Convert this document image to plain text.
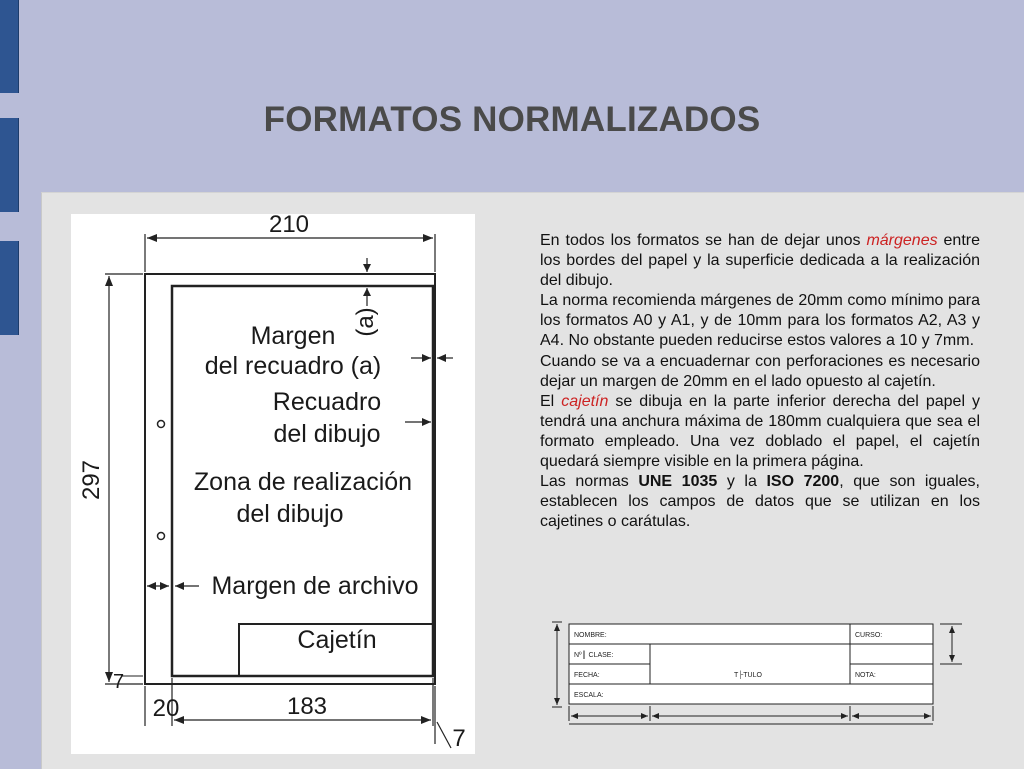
FORMATOS NORMALIZADOS
210
297
7
20	183
7
(a)
Margen
del recuadro (a)
Recuadro
del dibujo
Zona de realización
del dibujo
Margen de archivo
Cajetín

En todos los formatos se han de dejar unos márgenes entre los bordes del papel y la superficie dedicada a la realización del dibujo.

La norma recomienda márgenes de 20mm como mínimo para los formatos A0 y A1, y de 10mm para los formatos A2, A3 y A4. No obstante pueden reducirse estos valores a 10 y 7mm.

Cuando se va a encuadernar con perforaciones es necesario dejar un margen de 20mm en el lado opuesto al cajetín.

El cajetín se dibuja en la parte inferior derecha del papel y tendrá una anchura máxima de 180mm cualquiera que sea el formato empleado. Una vez doblado el papel, el cajetín quedará siempre visible en la primera página.

Las normas UNE 1035 y la ISO 7200, que son iguales, establecen los campos de datos que se utilizan en los cajetines o carátulas.

NOMBRE:	CURSO:
Nº║ CLASE:
FECHA:	T├TULO	NOTA:
ESCALA:
